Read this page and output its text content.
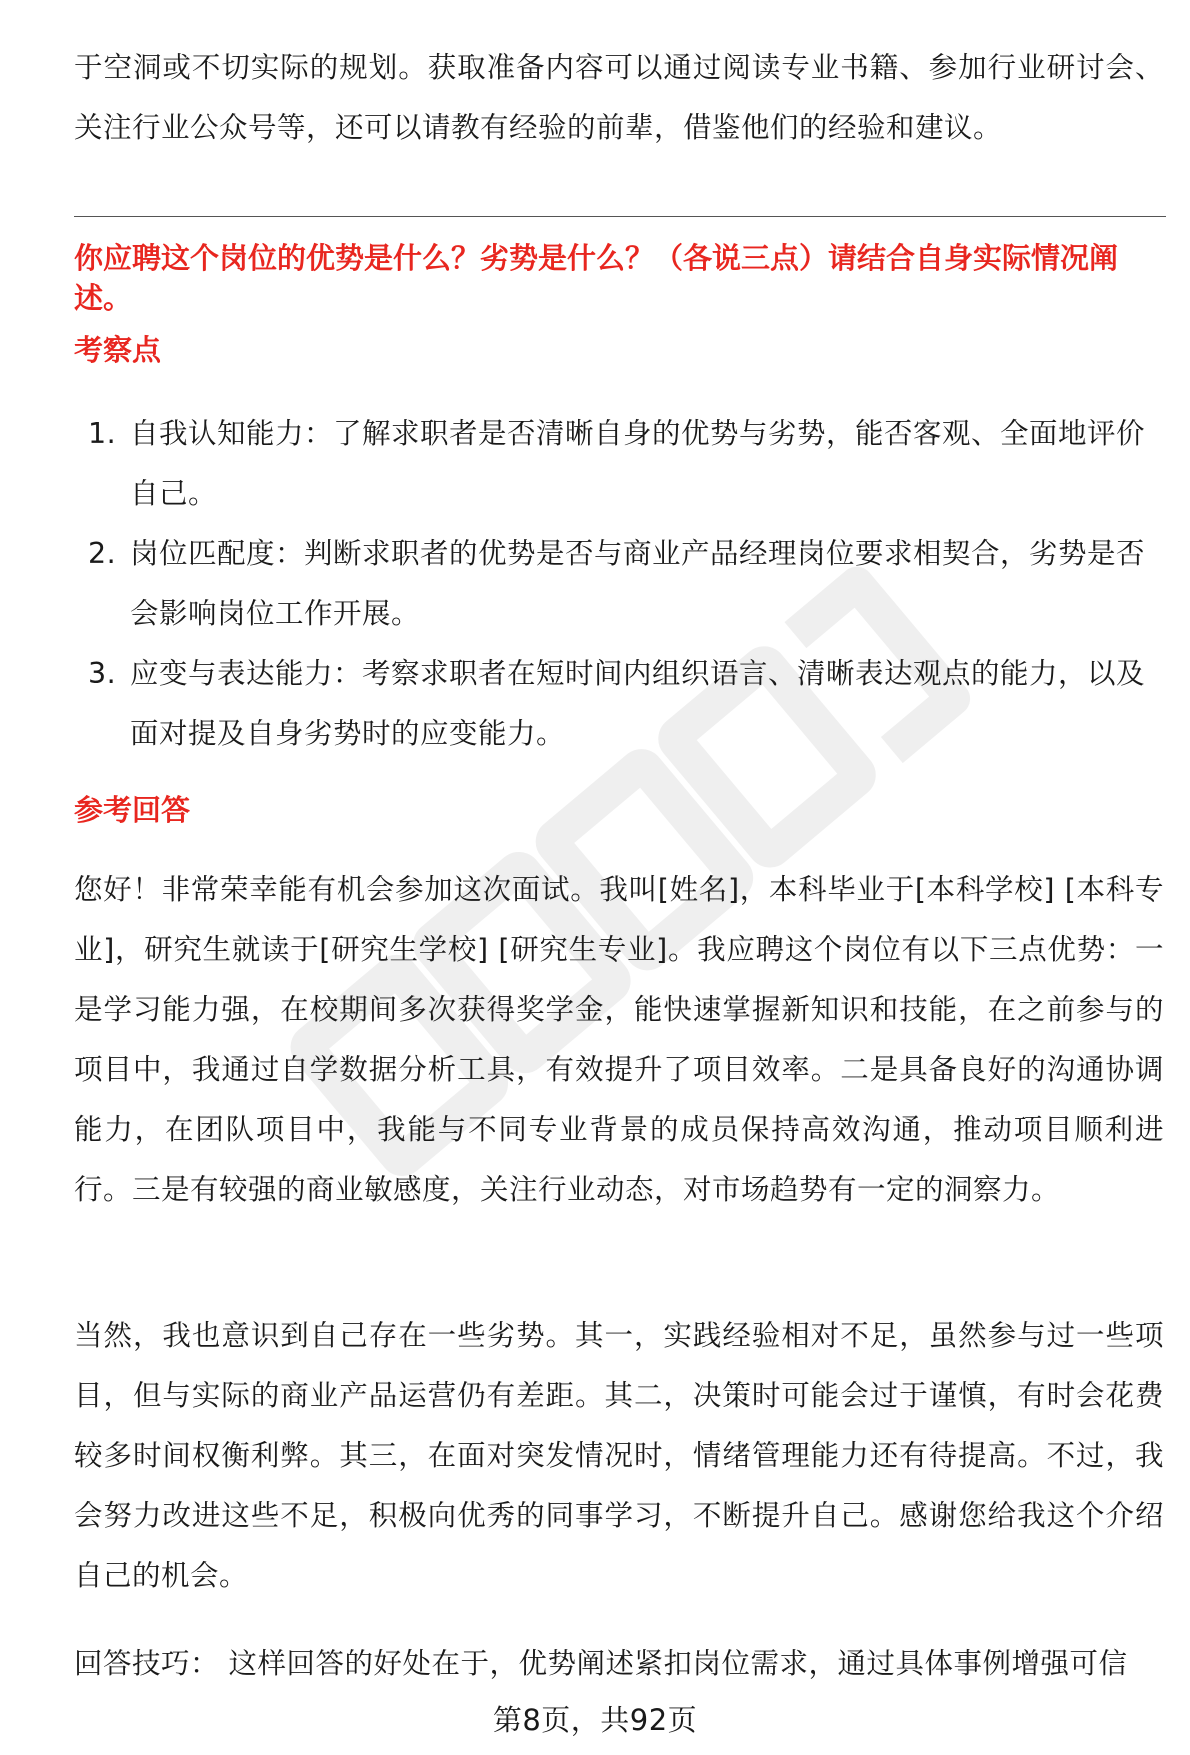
于空洞或不切实际的规划。获取准备内容可以通过阅读专业书籍、参加行业研讨会、关注行业公众号等，还可以请教有经验的前辈，借鉴他们的经验和建议。

你应聘这个岗位的优势是什么？劣势是什么？（各说三点）请结合自身实际情况阐述。

考察点
1. 自我认知能力：了解求职者是否清晰自身的优势与劣势，能否客观、全面地评价自己。
2. 岗位匹配度：判断求职者的优势是否与商业产品经理岗位要求相契合，劣势是否会影响岗位工作开展。
3. 应变与表达能力：考察求职者在短时间内组织语言、清晰表达观点的能力，以及面对提及自身劣势时的应变能力。
参考回答

您好！非常荣幸能有机会参加这次面试。我叫[姓名]，本科毕业于[本科学校] [本科专业]，研究生就读于[研究生学校] [研究生专业]。我应聘这个岗位有以下三点优势：一是学习能力强，在校期间多次获得奖学金，能快速掌握新知识和技能，在之前参与的项目中，我通过自学数据分析工具，有效提升了项目效率。二是具备良好的沟通协调能力，在团队项目中，我能与不同专业背景的成员保持高效沟通，推动项目顺利进行。三是有较强的商业敏感度，关注行业动态，对市场趋势有一定的洞察力。

当然，我也意识到自己存在一些劣势。其一，实践经验相对不足，虽然参与过一些项目，但与实际的商业产品运营仍有差距。其二，决策时可能会过于谨慎，有时会花费较多时间权衡利弊。其三，在面对突发情况时，情绪管理能力还有待提高。不过，我会努力改进这些不足，积极向优秀的同事学习，不断提升自己。感谢您给我这个介绍自己的机会。

回答技巧： 这样回答的好处在于，优势阐述紧扣岗位需求，通过具体事例增强可信

第8页，共92页
